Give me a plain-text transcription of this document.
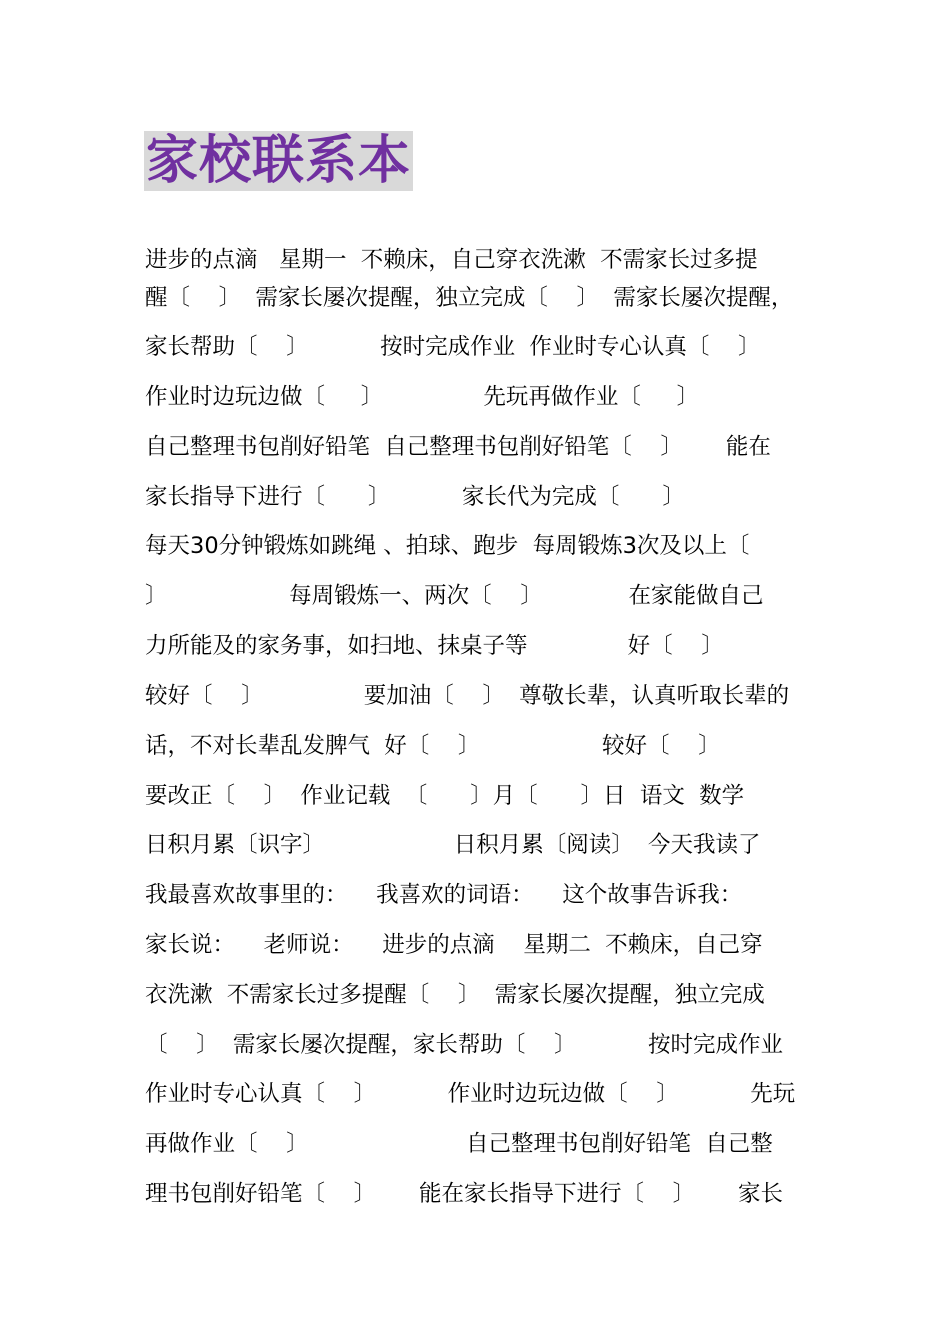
家校联系本
进步的点滴   星期一  不赖床，自己穿衣洗漱  不需家长过多提
醒〔    〕  需家长屡次提醒，独立完成〔    〕  需家长屡次提醒，
家长帮助〔    〕          按时完成作业  作业时专心认真〔    〕
作业时边玩边做〔     〕              先玩再做作业〔     〕
自己整理书包削好铅笔  自己整理书包削好铅笔〔    〕      能在
家长指导下进行〔      〕          家长代为完成〔      〕
每天30分钟锻炼如跳绳 、拍球、跑步  每周锻炼3次及以上〔
〕                 每周锻炼一、两次〔    〕            在家能做自己
力所能及的家务事，如扫地、抹桌子等              好〔    〕
较好〔    〕              要加油〔    〕  尊敬长辈，认真听取长辈的
话，不对长辈乱发脾气  好〔    〕                 较好〔    〕
要改正〔    〕  作业记载  〔      〕月〔      〕日  语文  数学
日积月累〔识字〕                  日积月累〔阅读〕  今天我读了
我最喜欢故事里的：    我喜欢的词语：    这个故事告诉我：
家长说：    老师说：    进步的点滴    星期二  不赖床，自己穿
衣洗漱  不需家长过多提醒〔    〕  需家长屡次提醒，独立完成
〔    〕  需家长屡次提醒，家长帮助〔    〕          按时完成作业
作业时专心认真〔    〕          作业时边玩边做〔    〕          先玩
再做作业〔    〕                      自己整理书包削好铅笔  自己整
理书包削好铅笔〔    〕      能在家长指导下进行〔    〕      家长
